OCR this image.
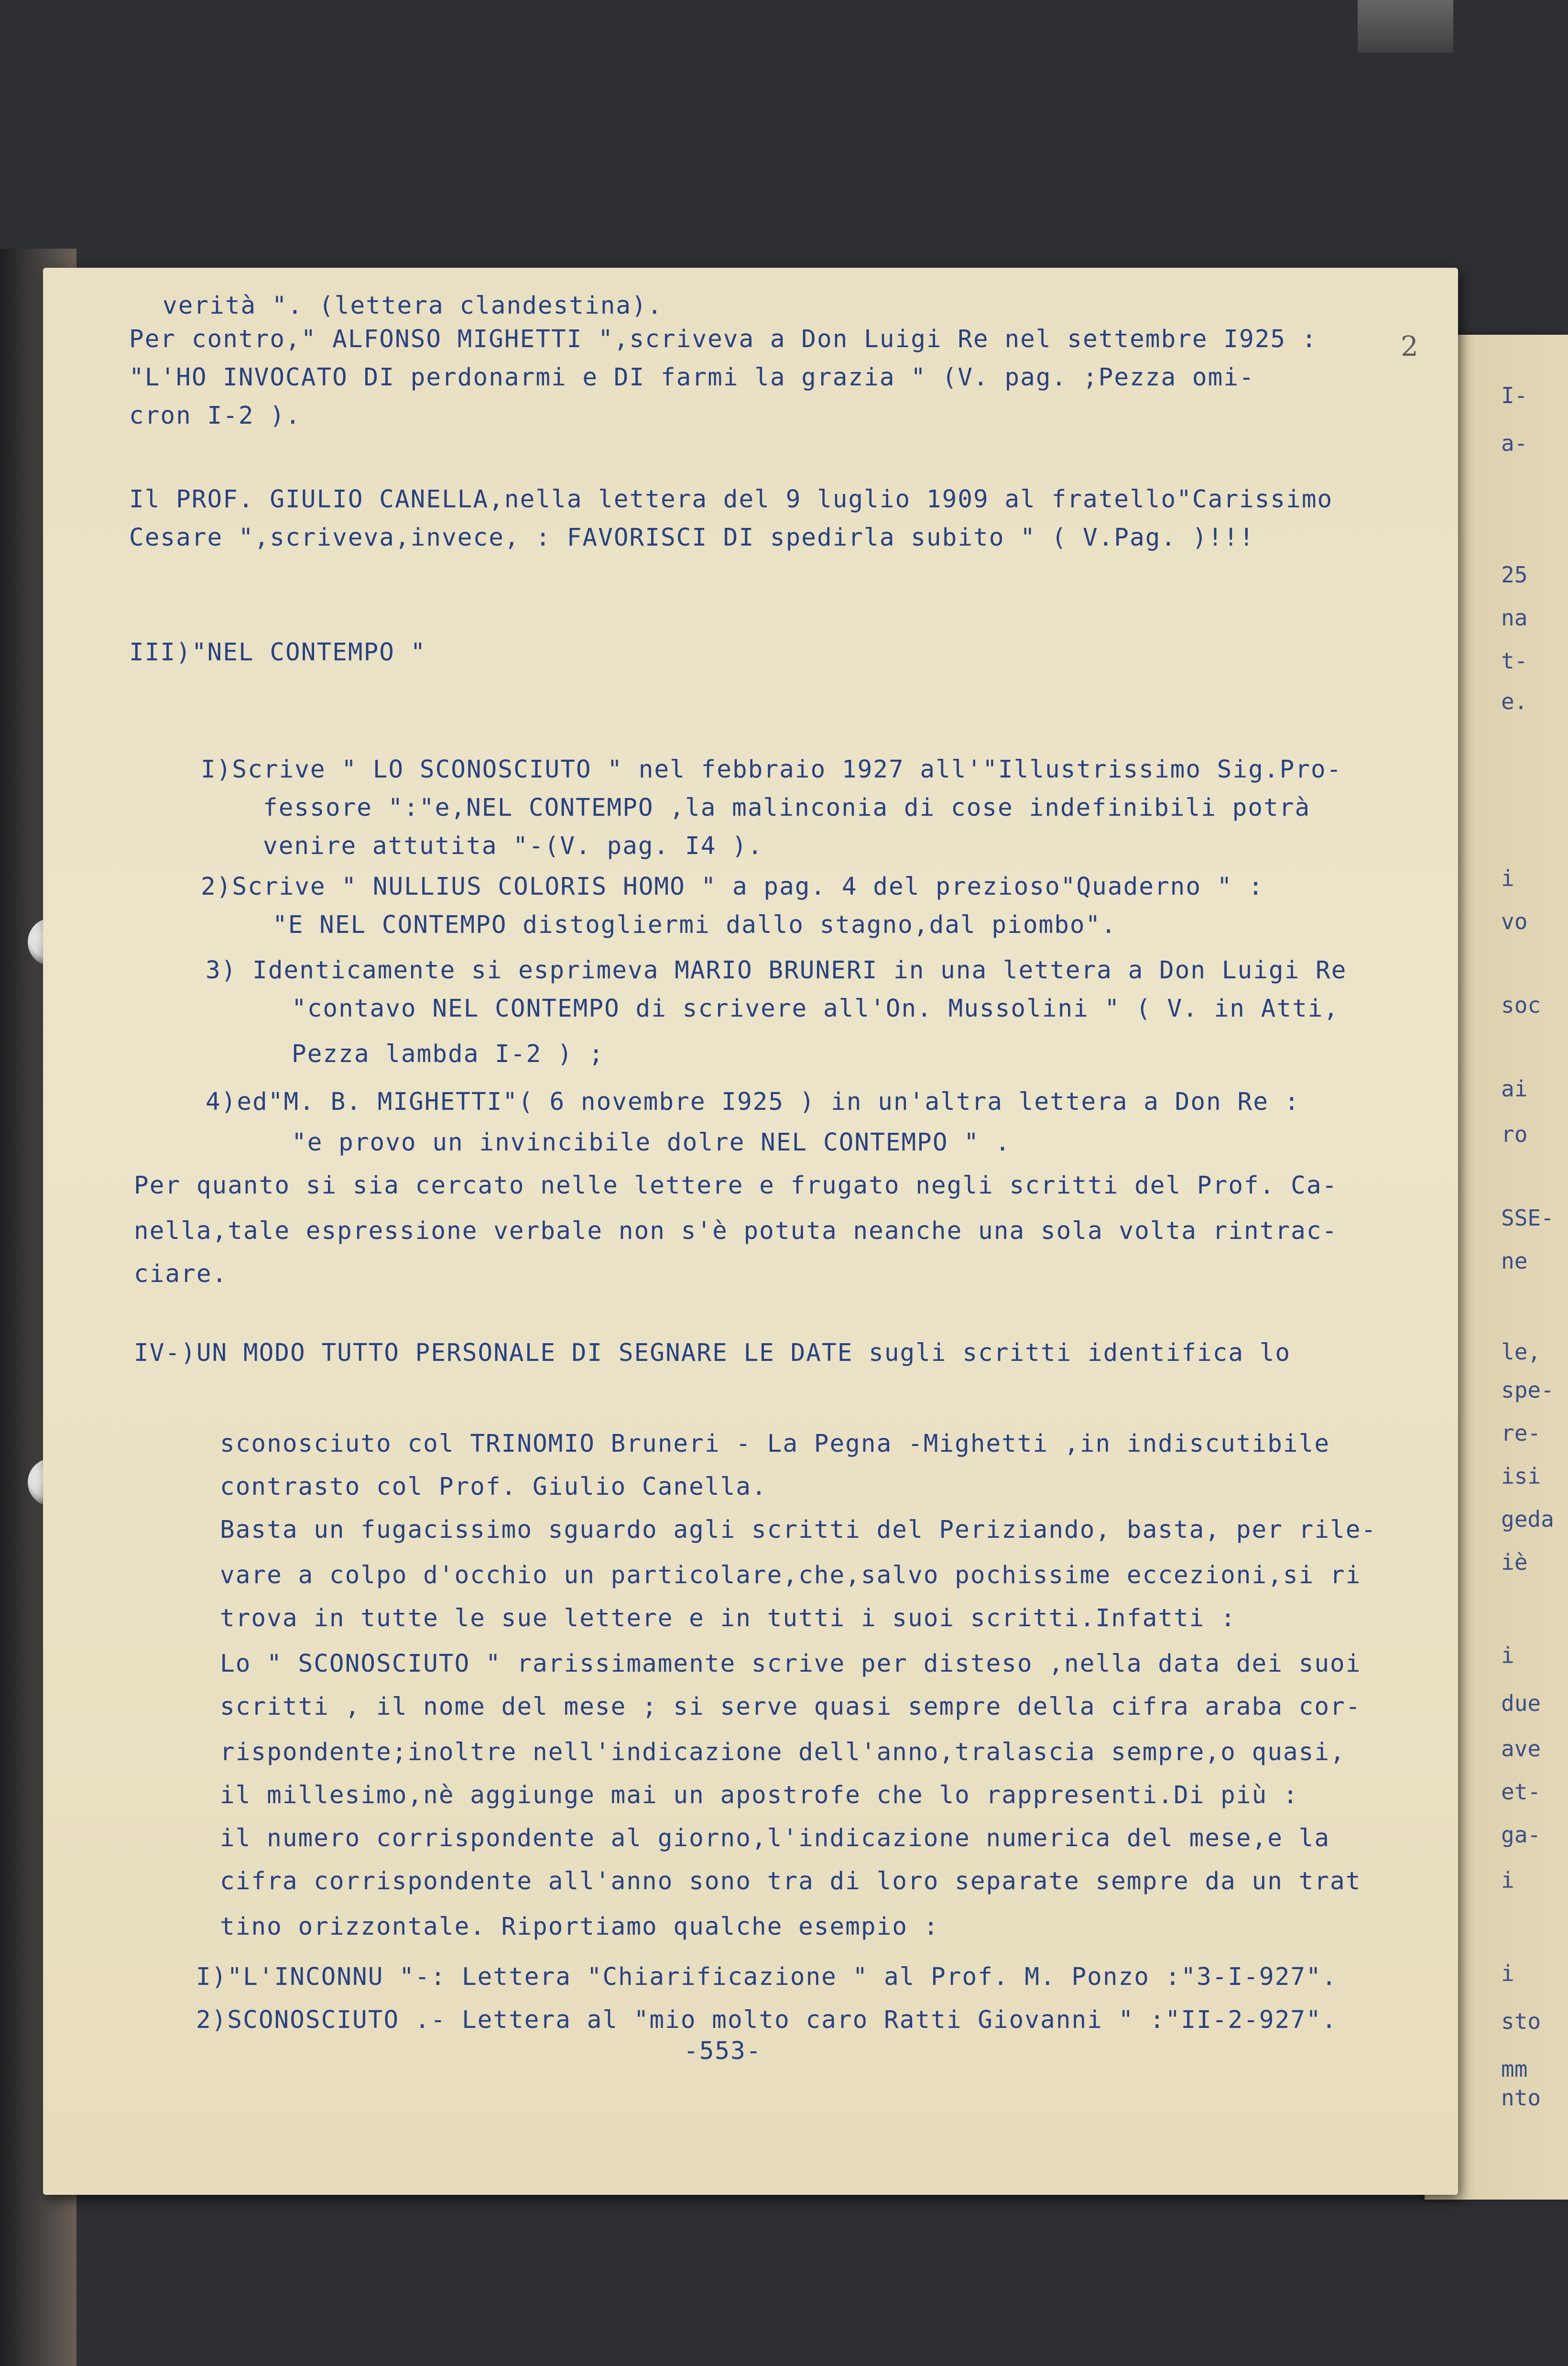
verità ". (lettera clandestina).
Per contro," ALFONSO MIGHETTI ",scriveva a Don Luigi Re nel settembre I925 :
"L'HO INVOCATO DI perdonarmi e DI farmi la grazia " (V. pag. ;Pezza omi-
cron I-2 ).
Il PROF. GIULIO CANELLA,nella lettera del 9 luglio 1909 al fratello"Carissimo
Cesare ",scriveva,invece, : FAVORISCI DI spedirla subito " ( V.Pag. )!!!
III)"NEL CONTEMPO "
I)Scrive " LO SCONOSCIUTO " nel febbraio 1927 all'"Illustrissimo Sig.Pro-
fessore ":"e,NEL CONTEMPO ,la malinconia di cose indefinibili potrà
venire attutita "-(V. pag. I4 ).
2)Scrive " NULLIUS COLORIS HOMO " a pag. 4 del prezioso"Quaderno " :
"E NEL CONTEMPO distogliermi dallo stagno,dal piombo".
3) Identicamente si esprimeva MARIO BRUNERI in una lettera a Don Luigi Re
"contavo NEL CONTEMPO di scrivere all'On. Mussolini " ( V. in Atti,
Pezza lambda I-2 ) ;
4)ed"M. B. MIGHETTI"( 6 novembre I925 ) in un'altra lettera a Don Re :
"e provo un invincibile dolre NEL CONTEMPO " .
Per quanto si sia cercato nelle lettere e frugato negli scritti del Prof. Ca-
nella,tale espressione verbale non s'è potuta neanche una sola volta rintrac-
ciare.
IV-)UN MODO TUTTO PERSONALE DI SEGNARE LE DATE sugli scritti identifica lo
sconosciuto col TRINOMIO Bruneri - La Pegna -Mighetti ,in indiscutibile
contrasto col Prof. Giulio Canella.
Basta un fugacissimo sguardo agli scritti del Periziando, basta, per rile-
vare a colpo d'occhio un particolare,che,salvo pochissime eccezioni,si ri
trova in tutte le sue lettere e in tutti i suoi scritti.Infatti :
Lo " SCONOSCIUTO " rarissimamente scrive per disteso ,nella data dei suoi
scritti , il nome del mese ; si serve quasi sempre della cifra araba cor-
rispondente;inoltre nell'indicazione dell'anno,tralascia sempre,o quasi,
il millesimo,nè aggiunge mai un apostrofe che lo rappresenti.Di più :
il numero corrispondente al giorno,l'indicazione numerica del mese,e la
cifra corrispondente all'anno sono tra di loro separate sempre da un trat
tino orizzontale. Riportiamo qualche esempio :
I)"L'INCONNU "-: Lettera "Chiarificazione " al Prof. M. Ponzo :"3-I-927".
2)SCONOSCIUTO .- Lettera al "mio molto caro Ratti Giovanni " :"II-2-927".
-553-
2
I-
a-
25
na
t-
e.
i
vo
soc
ai
ro
SSE-
ne
le,
spe-
re-
isi
geda
iè
i
due
ave
et-
ga-
i
i
sto
mm
nto
